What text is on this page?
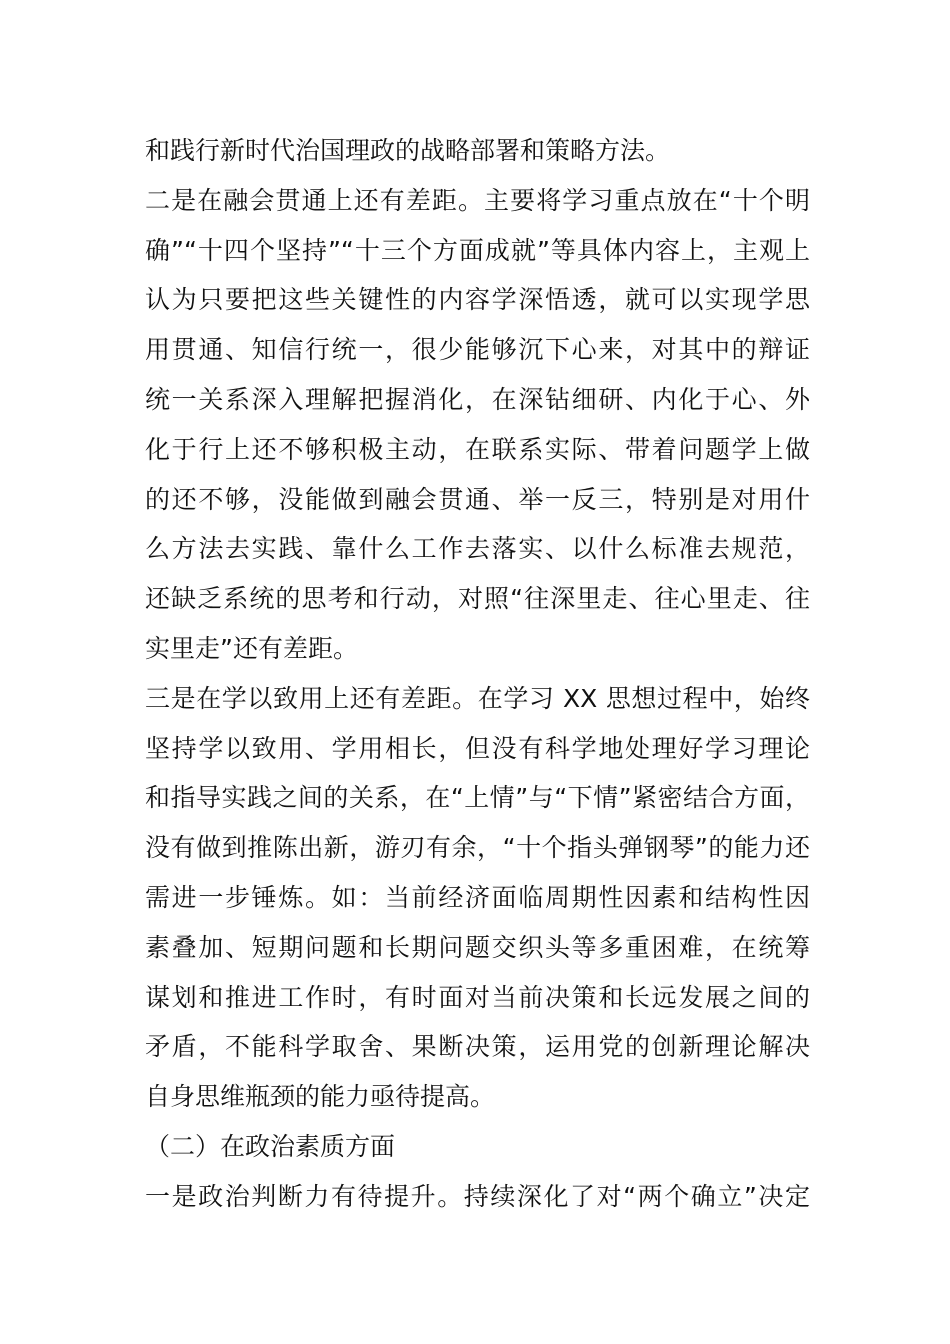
和践行新时代治国理政的战略部署和策略方法。
二是在融会贯通上还有差距。主要将学习重点放在“十个明
确”“十四个坚持”“十三个方面成就”等具体内容上，主观上
认为只要把这些关键性的内容学深悟透，就可以实现学思
用贯通、知信行统一，很少能够沉下心来，对其中的辩证
统一关系深入理解把握消化，在深钻细研、内化于心、外
化于行上还不够积极主动，在联系实际、带着问题学上做
的还不够，没能做到融会贯通、举一反三，特别是对用什
么方法去实践、靠什么工作去落实、以什么标准去规范，
还缺乏系统的思考和行动，对照“往深里走、往心里走、往
实里走”还有差距。
三是在学以致用上还有差距。在学习 XX 思想过程中，始终
坚持学以致用、学用相长，但没有科学地处理好学习理论
和指导实践之间的关系，在“上情”与“下情”紧密结合方面，
没有做到推陈出新，游刃有余，“十个指头弹钢琴”的能力还
需进一步锤炼。如：当前经济面临周期性因素和结构性因
素叠加、短期问题和长期问题交织头等多重困难，在统筹
谋划和推进工作时，有时面对当前决策和长远发展之间的
矛盾，不能科学取舍、果断决策，运用党的创新理论解决
自身思维瓶颈的能力亟待提高。
（二）在政治素质方面
一是政治判断力有待提升。持续深化了对“两个确立”决定
